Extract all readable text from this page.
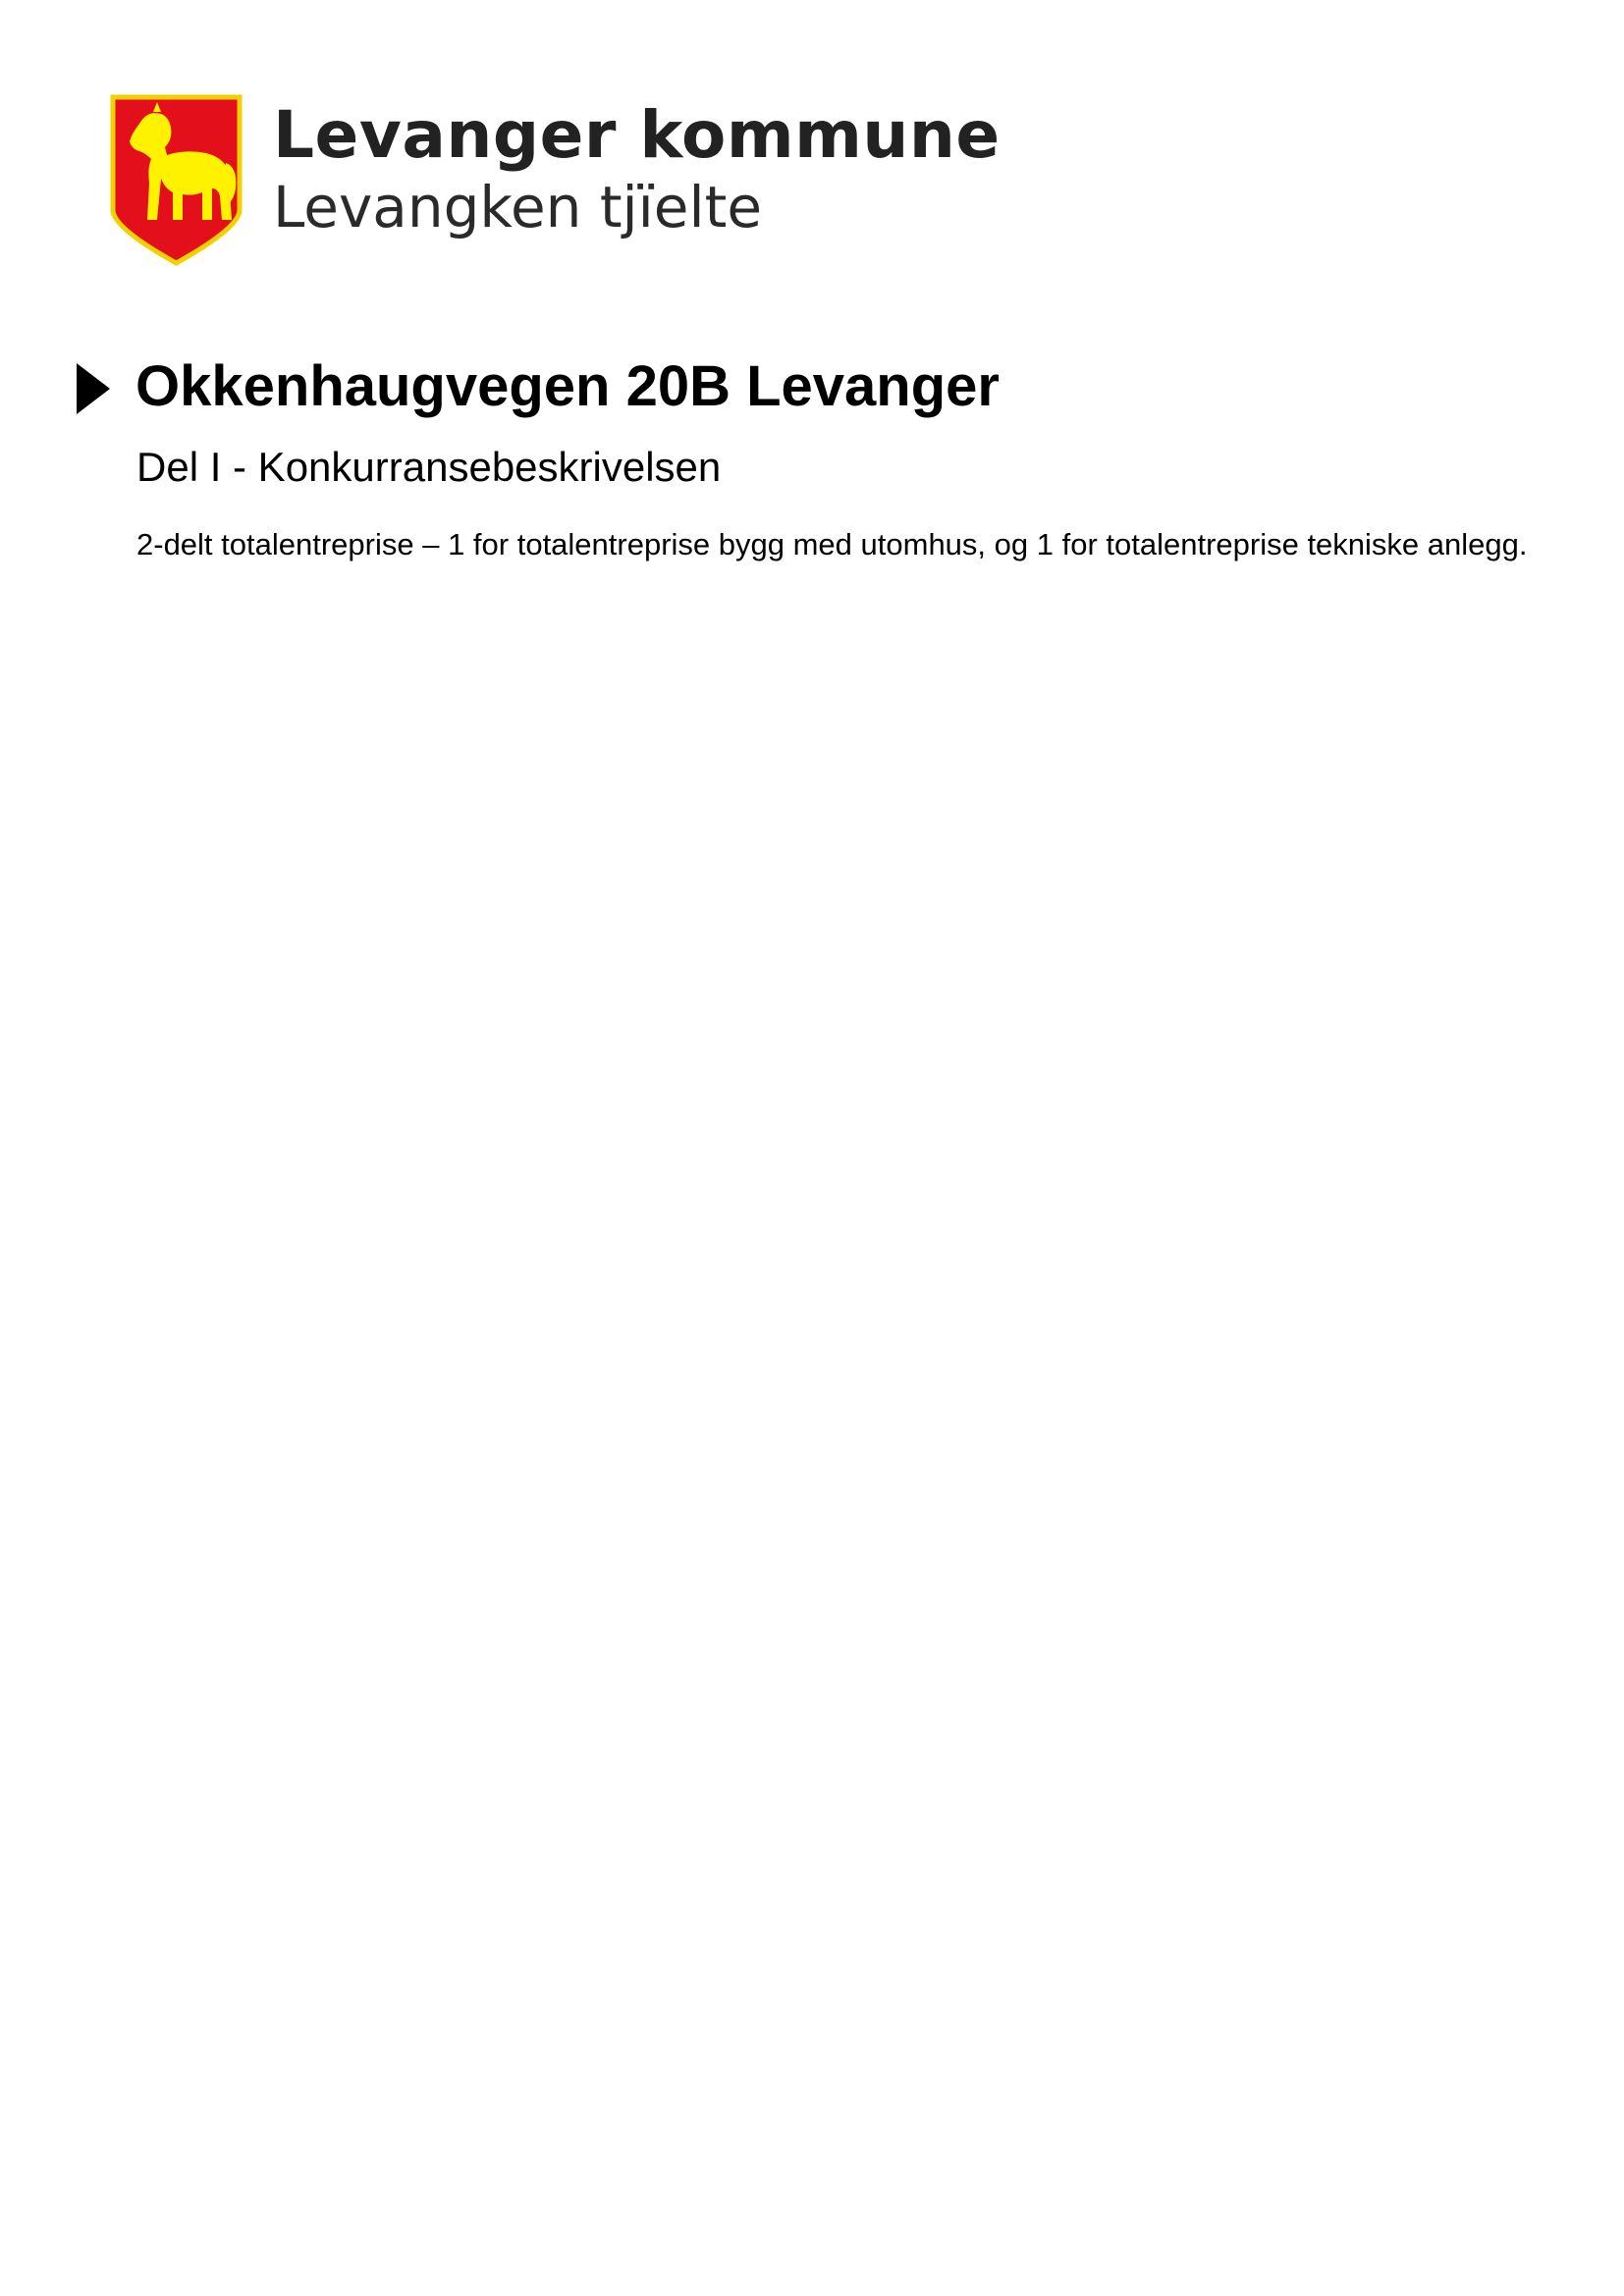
Levanger kommune
Levangken tjïelte
Okkenhaugvegen 20B Levanger
Del I - Konkurransebeskrivelsen
2-delt totalentreprise – 1 for totalentreprise bygg med utomhus, og 1 for totalentreprise tekniske anlegg.
